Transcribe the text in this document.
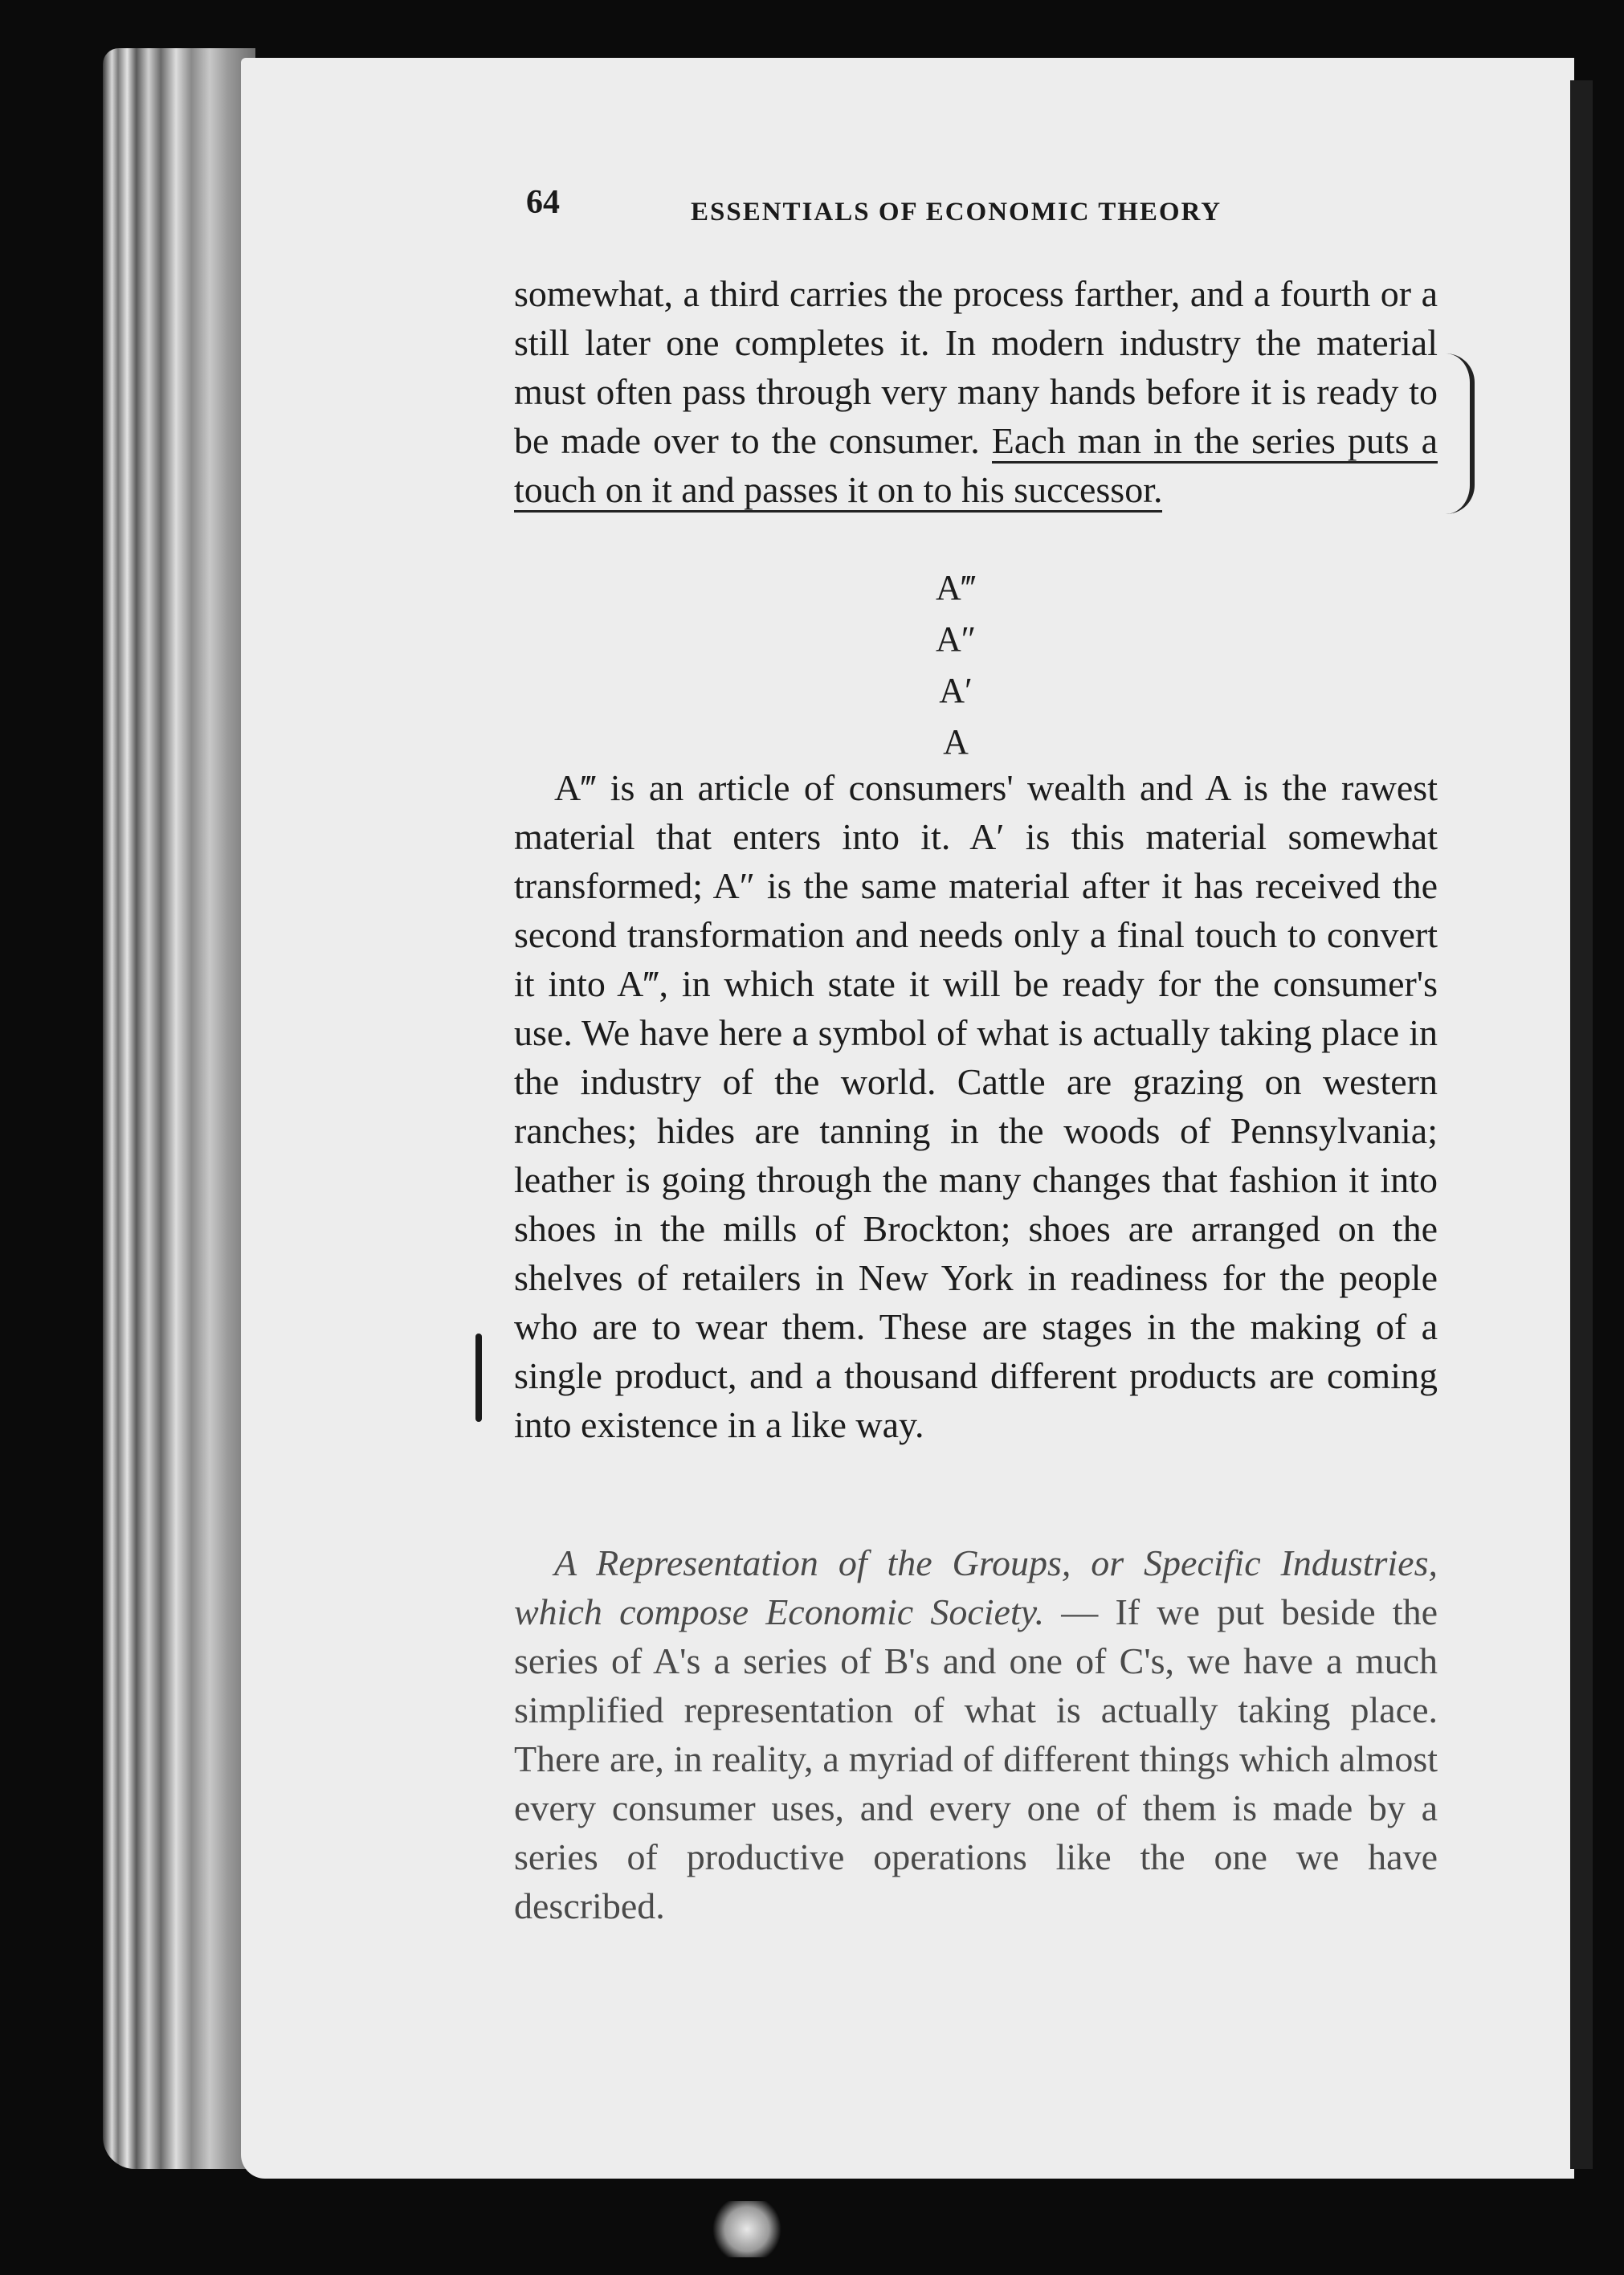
64	ESSENTIALS OF ECONOMIC THEORY

somewhat, a third carries the process farther, and a fourth or a still later one completes it. In modern industry the material must often pass through very many hands before it is ready to be made over to the consumer. Each man in the series puts a touch on it and passes it on to his successor.

A‴
A″
A′
A

A‴ is an article of consumers' wealth and A is the rawest material that enters into it. A′ is this material somewhat transformed; A″ is the same material after it has received the second transformation and needs only a final touch to convert it into A‴, in which state it will be ready for the consumer's use. We have here a symbol of what is actually taking place in the industry of the world. Cattle are grazing on western ranches; hides are tanning in the woods of Pennsylvania; leather is going through the many changes that fashion it into shoes in the mills of Brockton; shoes are arranged on the shelves of retailers in New York in readiness for the people who are to wear them. These are stages in the making of a single product, and a thousand different products are coming into existence in a like way.

A Representation of the Groups, or Specific Industries, which compose Economic Society. — If we put beside the series of A's a series of B's and one of C's, we have a much simplified representation of what is actually taking place. There are, in reality, a myriad of different things which almost every consumer uses, and every one of them is made by a series of productive operations like the one we have described.
